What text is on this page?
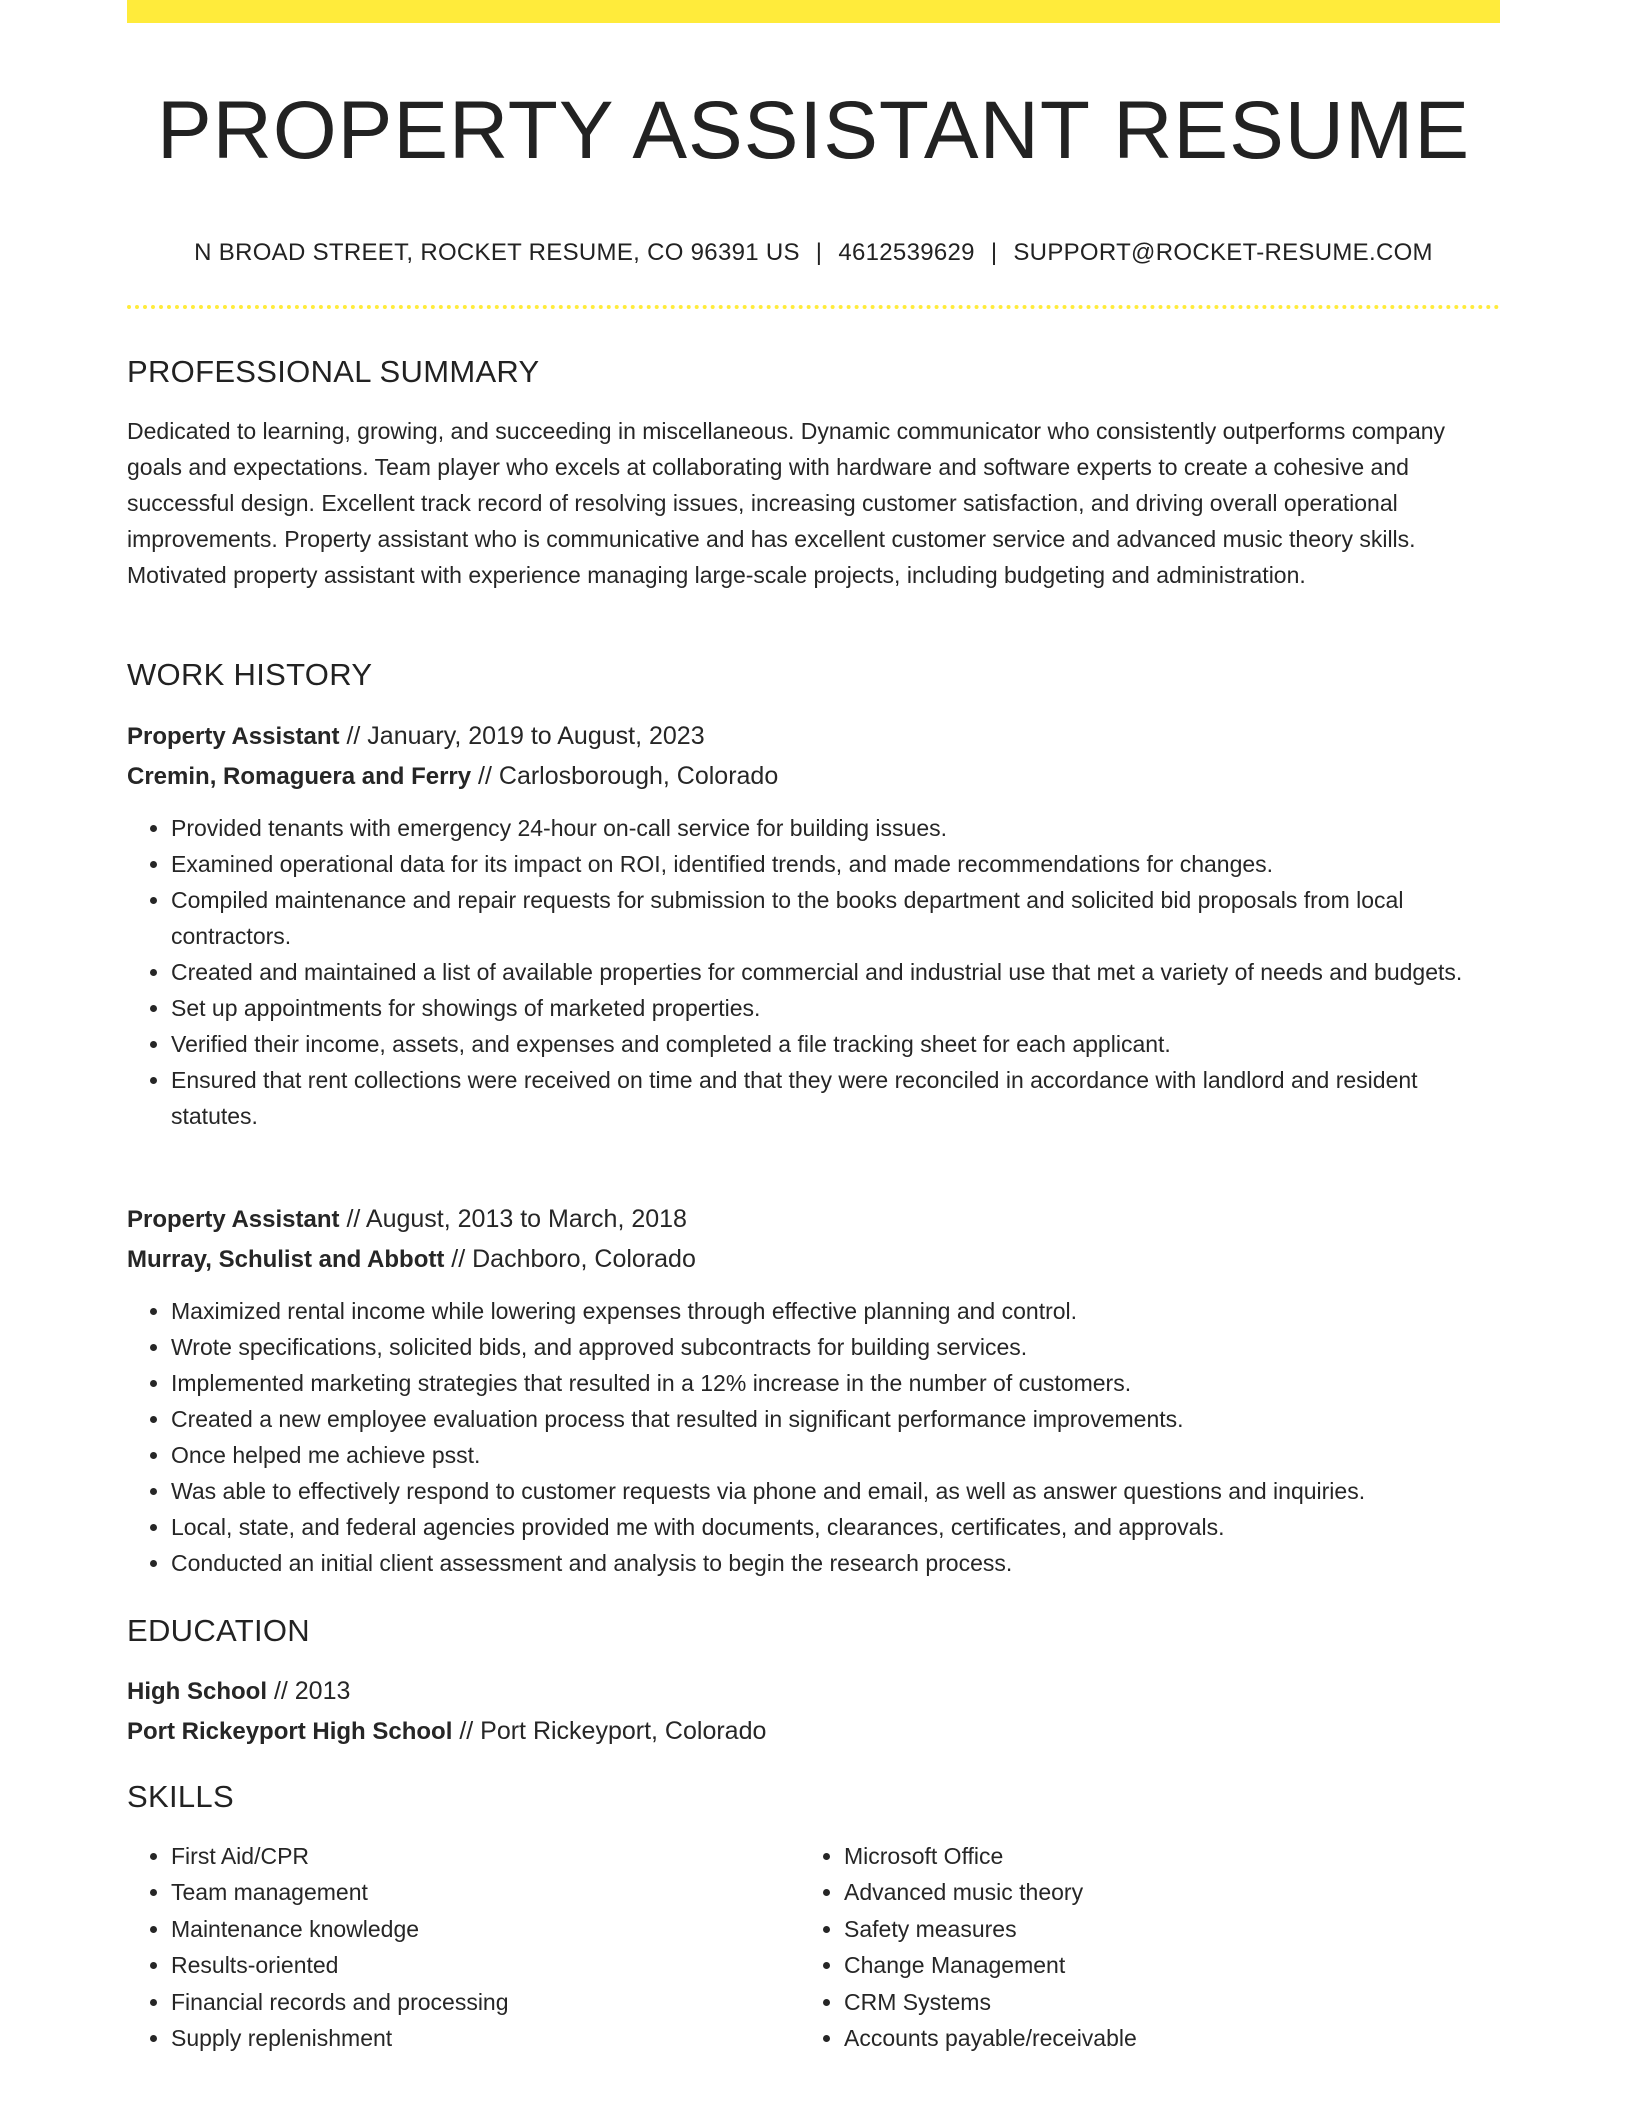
PROPERTY ASSISTANT RESUME
N BROAD STREET, ROCKET RESUME, CO 96391 US | 4612539629 | SUPPORT@ROCKET-RESUME.COM
PROFESSIONAL SUMMARY

Dedicated to learning, growing, and succeeding in miscellaneous. Dynamic communicator who consistently outperforms company goals and expectations. Team player who excels at collaborating with hardware and software experts to create a cohesive and successful design. Excellent track record of resolving issues, increasing customer satisfaction, and driving overall operational improvements. Property assistant who is communicative and has excellent customer service and advanced music theory skills. Motivated property assistant with experience managing large-scale projects, including budgeting and administration.

WORK HISTORY
Property Assistant // January, 2019 to August, 2023
Cremin, Romaguera and Ferry // Carlosborough, Colorado
• Provided tenants with emergency 24-hour on-call service for building issues.
• Examined operational data for its impact on ROI, identified trends, and made recommendations for changes.
• Compiled maintenance and repair requests for submission to the books department and solicited bid proposals from local contractors.
• Created and maintained a list of available properties for commercial and industrial use that met a variety of needs and budgets.
• Set up appointments for showings of marketed properties.
• Verified their income, assets, and expenses and completed a file tracking sheet for each applicant.
• Ensured that rent collections were received on time and that they were reconciled in accordance with landlord and resident statutes.
Property Assistant // August, 2013 to March, 2018
Murray, Schulist and Abbott // Dachboro, Colorado
• Maximized rental income while lowering expenses through effective planning and control.
• Wrote specifications, solicited bids, and approved subcontracts for building services.
• Implemented marketing strategies that resulted in a 12% increase in the number of customers.
• Created a new employee evaluation process that resulted in significant performance improvements.
• Once helped me achieve psst.
• Was able to effectively respond to customer requests via phone and email, as well as answer questions and inquiries.
• Local, state, and federal agencies provided me with documents, clearances, certificates, and approvals.
• Conducted an initial client assessment and analysis to begin the research process.
EDUCATION
High School // 2013
Port Rickeyport High School // Port Rickeyport, Colorado
SKILLS
• First Aid/CPR
• Team management
• Maintenance knowledge
• Results-oriented
• Financial records and processing
• Supply replenishment
• Microsoft Office
• Advanced music theory
• Safety measures
• Change Management
• CRM Systems
• Accounts payable/receivable
